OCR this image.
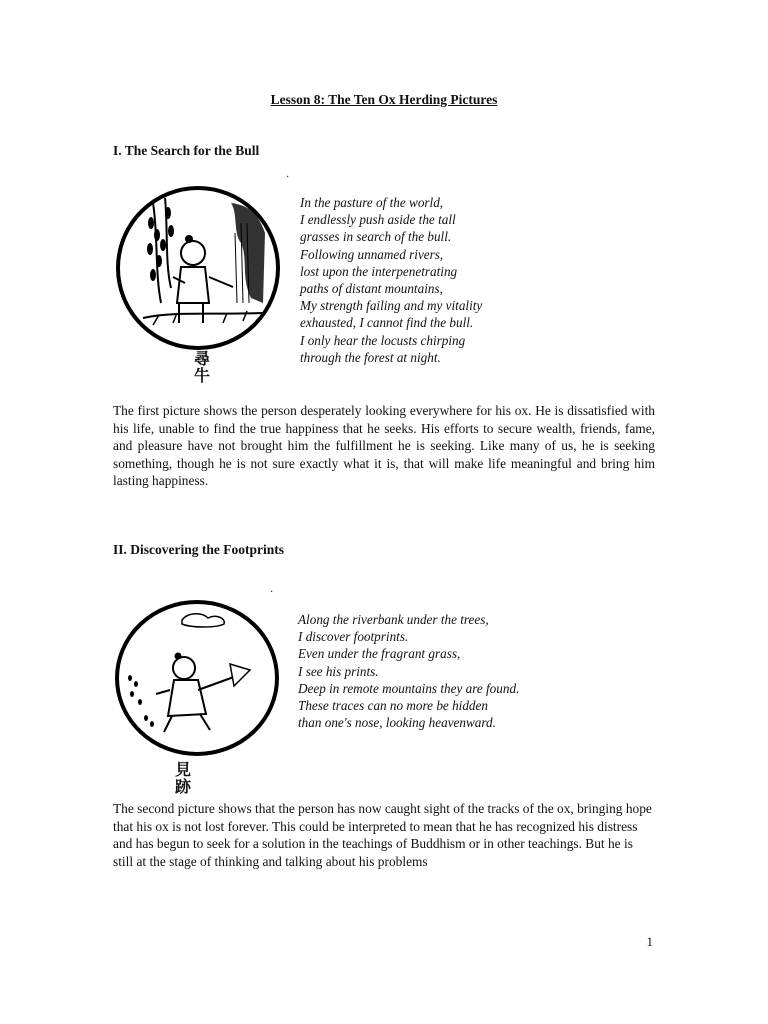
Lesson 8: The Ten Ox Herding Pictures
I. The Search for the Bull
·
尋
牛
In the pasture of the world,
I endlessly push aside the tall
grasses in search of the bull.
Following unnamed rivers,
lost upon the interpenetrating
paths of distant mountains,
My strength failing and my vitality
exhausted, I cannot find the bull.
I only hear the locusts chirping
through the forest at night.
The first picture shows the person desperately looking everywhere for his ox. He is dissatisfied with his life, unable to find the true happiness that he seeks. His efforts to secure wealth, friends, fame, and pleasure have not brought him the fulfillment he is seeking. Like many of us, he is seeking something, though he is not sure exactly what it is, that will make life meaningful and bring him lasting happiness.
II. Discovering the Footprints
·
見
跡
Along the riverbank under the trees,
I discover footprints.
Even under the fragrant grass,
I see his prints.
Deep in remote mountains they are found.
These traces can no more be hidden
than one's nose, looking heavenward.
The second picture shows that the person has now caught sight of the tracks of the ox, bringing hope that his ox is not lost forever. This could be interpreted to mean that he has recognized his distress and has begun to seek for a solution in the teachings of Buddhism or in other teachings. But he is still at the stage of thinking and talking about his problems
1
